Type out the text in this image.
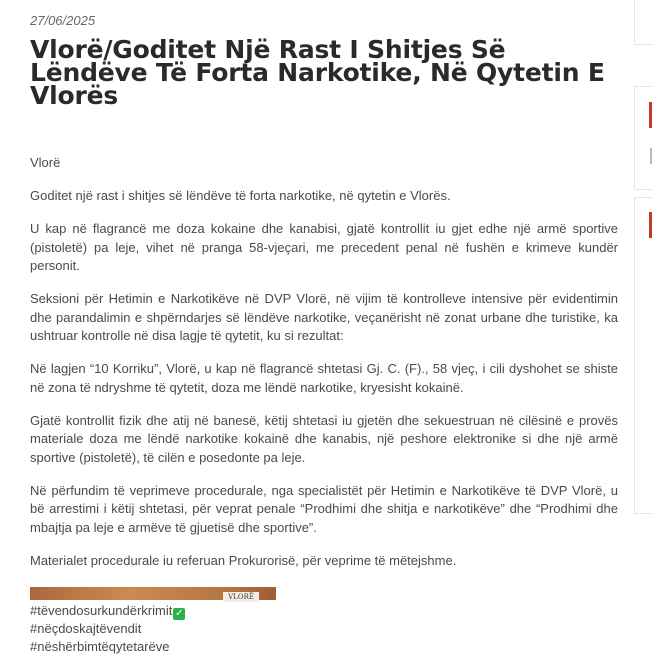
27/06/2025
Vlorë/Goditet Një Rast I Shitjes Së Lëndëve Të Forta Narkotike, Në Qytetin E Vlorës

Vlorë

Goditet një rast i shitjes së lëndëve të forta narkotike, në qytetin e Vlorës.

U kap në flagrancë me doza kokaine dhe kanabisi, gjatë kontrollit iu gjet edhe një armë sportive (pistoletë) pa leje, vihet në pranga 58-vjeçari, me precedent penal në fushën e krimeve kundër personit.

Seksioni për Hetimin e Narkotikëve në DVP Vlorë, në vijim të kontrolleve intensive për evidentimin dhe parandalimin e shpërndarjes së lëndëve narkotike, veçanërisht në zonat urbane dhe turistike, ka ushtruar kontrolle në disa lagje të qytetit, ku si rezultat:

Në lagjen “10 Korriku”, Vlorë, u kap në flagrancë shtetasi Gj. C. (F)., 58 vjeç, i cili dyshohet se shiste në zona të ndryshme të qytetit, doza me lëndë narkotike, kryesisht kokainë.

Gjatë kontrollit fizik dhe atij në banesë, këtij shtetasi iu gjetën dhe sekuestruan në cilësinë e provës materiale doza me lëndë narkotike kokainë dhe kanabis, një peshore elektronike si dhe një armë sportive (pistoletë), të cilën e posedonte pa leje.

Në përfundim të veprimeve procedurale, nga specialistët për Hetimin e Narkotikëve të DVP Vlorë, u bë arrestimi i këtij shtetasi, për veprat penale “Prodhimi dhe shitja e narkotikëve” dhe “Prodhimi dhe mbajtja pa leje e armëve të gjuetisë dhe sportive”.

Materialet procedurale iu referuan Prokurorisë, për veprime të mëtejshme.

#tëvendosurkundërkrimit ✓
#nëçdoskajtëvendit
#nëshërbimtëqytetarëve
VLORË
